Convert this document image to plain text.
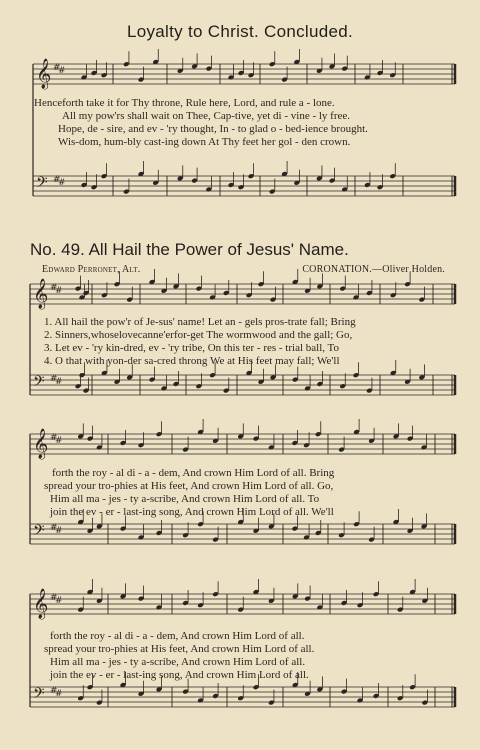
𝄞 #
#
𝄢 #
#
𝄞 #
#
𝄢 #
#
𝄞 #
#
𝄢 #
#
𝄞 #
#
𝄢 #
#
Loyalty to Christ. Concluded.
Henceforth take it for Thy throne, Rule here, Lord, and rule a - lone.
All my pow'rs shall wait on Thee, Cap-tive, yet di - vine - ly free.
Hope, de - sire, and ev - 'ry thought, In - to glad o - bed-ience brought.
Wis-dom, hum-bly cast-ing down At Thy feet her gol - den crown.
No. 49. All Hail the Power of Jesus' Name.
Edward Perronet, Alt.	CORONATION.—Oliver Holden.
1. All hail the pow'r of Je-sus' name! Let an - gels pros-trate fall; Bring
2. Sinners,whoselovecanne'erfor-get The wormwood and the gall; Go,
3. Let ev - 'ry kin-dred, ev - 'ry tribe, On this ter - res - trial ball, To
4. O that with yon-der sa-cred throng We at His feet may fall; We'll
forth the roy - al di - a - dem, And crown Him Lord of all. Bring
spread your tro-phies at His feet, And crown Him Lord of all. Go,
Him all ma - jes - ty a-scribe, And crown Him Lord of all. To
join the ev - er - last-ing song, And crown Him Lord of all. We'll
forth the roy - al di - a - dem, And crown Him Lord of all.
spread your tro-phies at His feet, And crown Him Lord of all.
Him all ma - jes - ty a-scribe, And crown Him Lord of all.
join the ev - er - last-ing song, And crown Him Lord of all.
